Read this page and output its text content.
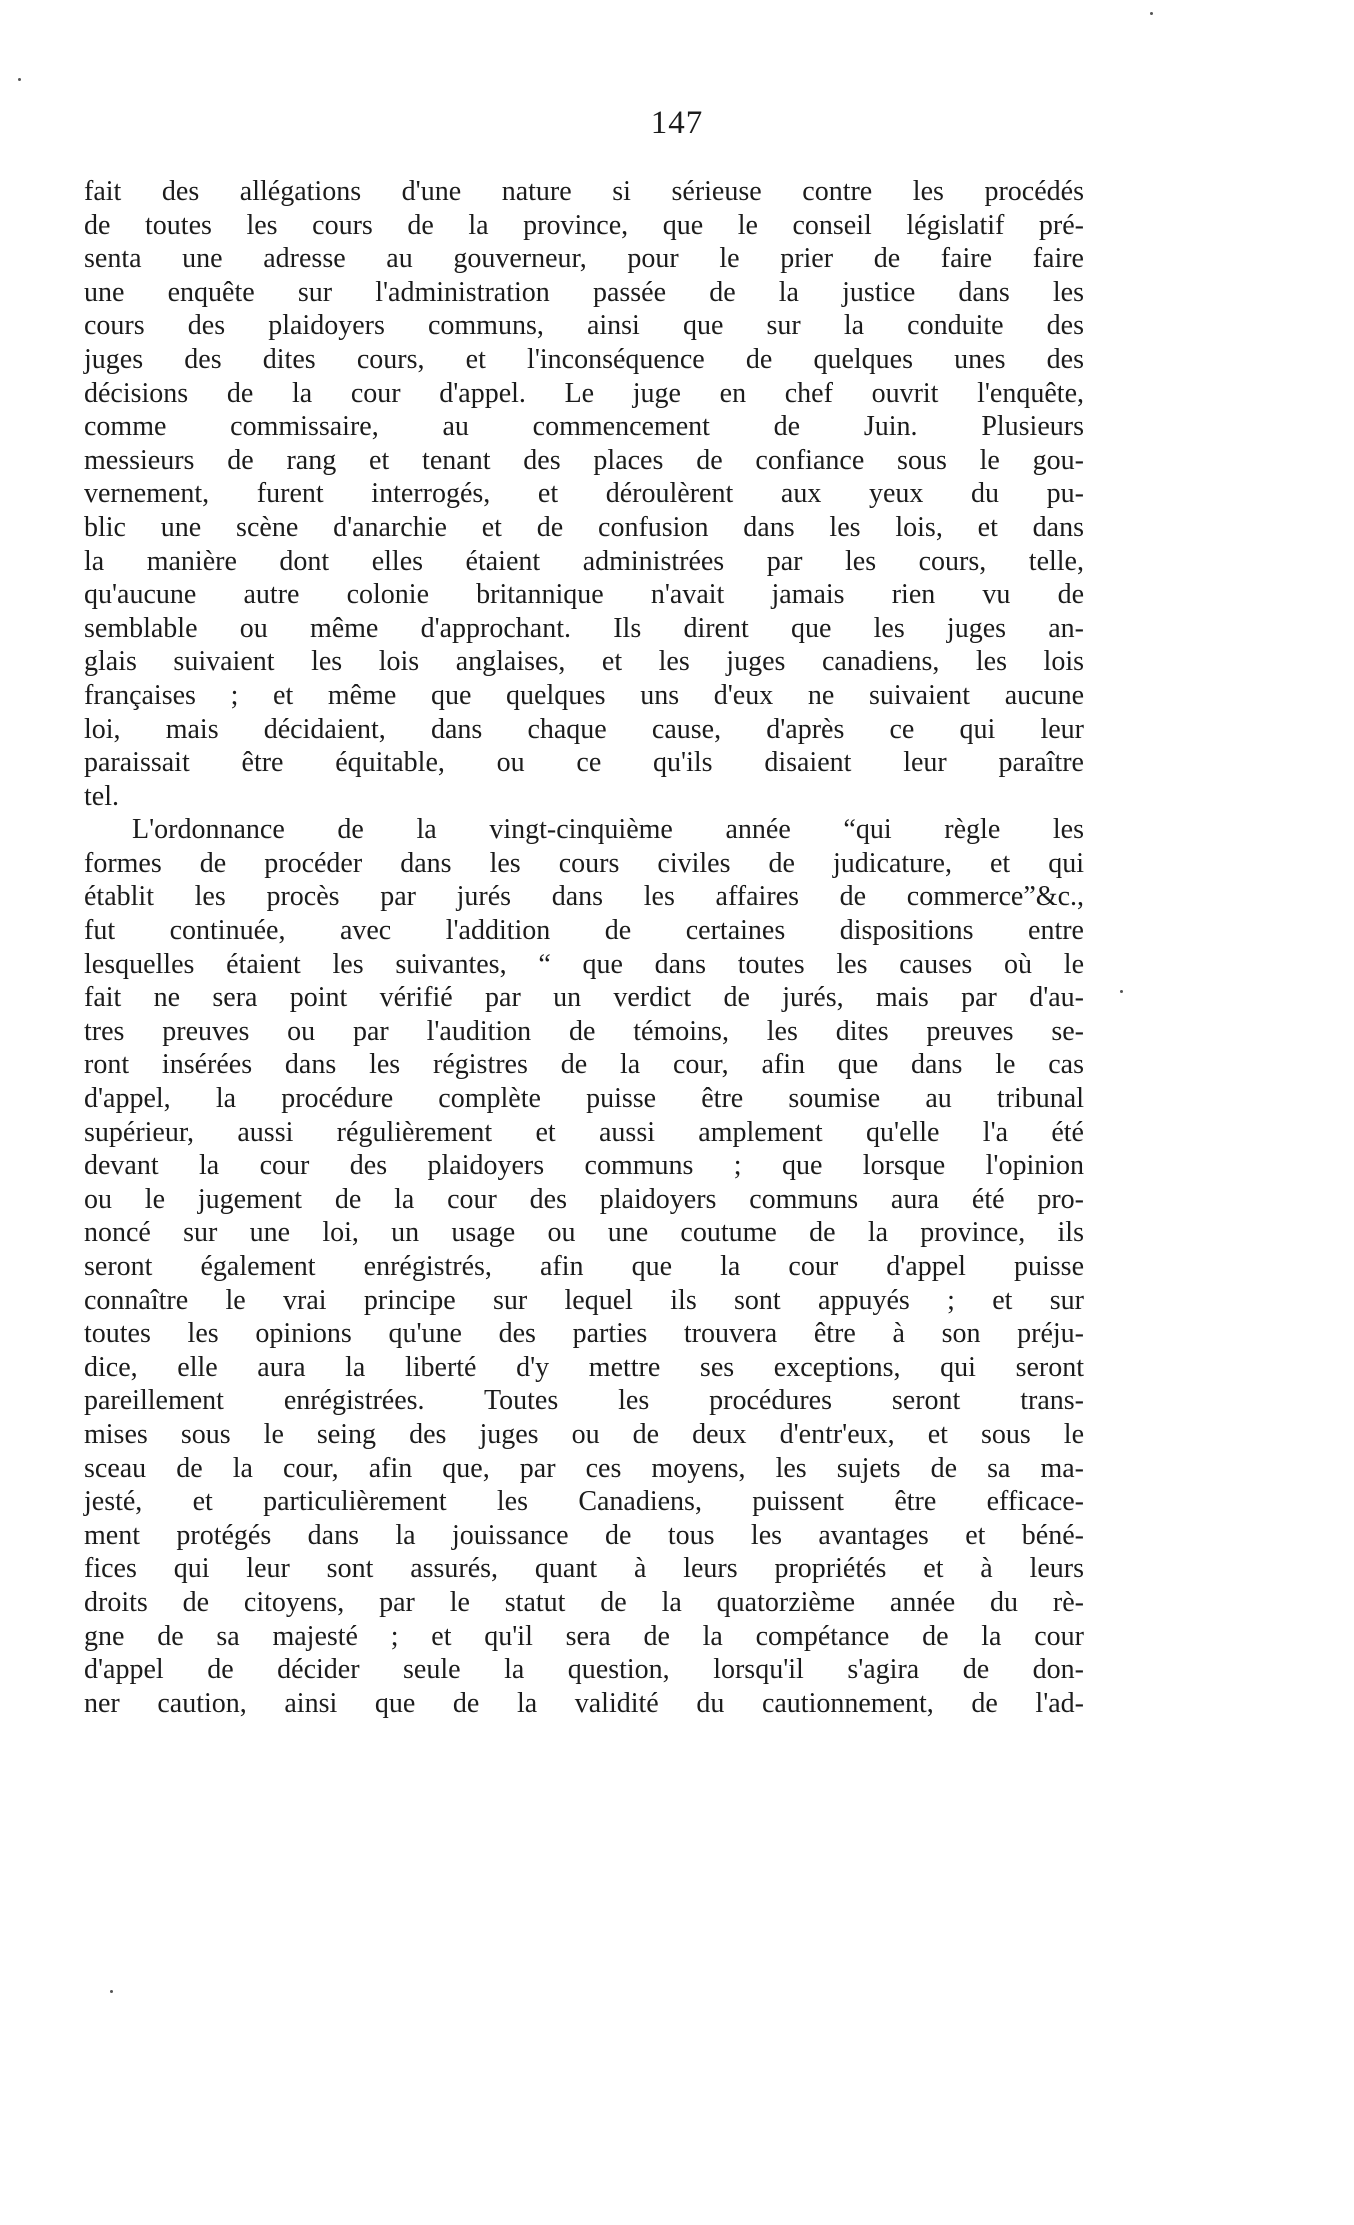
147
fait des allégations d'une nature si sérieuse contre les procédés
de toutes les cours de la province, que le conseil législatif pré-
senta une adresse au gouverneur, pour le prier de faire faire
une enquête sur l'administration passée de la justice dans les
cours des plaidoyers communs, ainsi que sur la conduite des
juges des dites cours, et l'inconséquence de quelques unes des
décisions de la cour d'appel. Le juge en chef ouvrit l'enquête,
comme commissaire, au commencement de Juin. Plusieurs
messieurs de rang et tenant des places de confiance sous le gou-
vernement, furent interrogés, et déroulèrent aux yeux du pu-
blic une scène d'anarchie et de confusion dans les lois, et dans
la manière dont elles étaient administrées par les cours, telle,
qu'aucune autre colonie britannique n'avait jamais rien vu de
semblable ou même d'approchant. Ils dirent que les juges an-
glais suivaient les lois anglaises, et les juges canadiens, les lois
françaises ; et même que quelques uns d'eux ne suivaient aucune
loi, mais décidaient, dans chaque cause, d'après ce qui leur
paraissait être équitable, ou ce qu'ils disaient leur paraître
tel.
L'ordonnance de la vingt-cinquième année “qui règle les
formes de procéder dans les cours civiles de judicature, et qui
établit les procès par jurés dans les affaires de commerce”&c.,
fut continuée, avec l'addition de certaines dispositions entre
lesquelles étaient les suivantes, “ que dans toutes les causes où le
fait ne sera point vérifié par un verdict de jurés, mais par d'au-
tres preuves ou par l'audition de témoins, les dites preuves se-
ront insérées dans les régistres de la cour, afin que dans le cas
d'appel, la procédure complète puisse être soumise au tribunal
supérieur, aussi régulièrement et aussi amplement qu'elle l'a été
devant la cour des plaidoyers communs ; que lorsque l'opinion
ou le jugement de la cour des plaidoyers communs aura été pro-
noncé sur une loi, un usage ou une coutume de la province, ils
seront également enrégistrés, afin que la cour d'appel puisse
connaître le vrai principe sur lequel ils sont appuyés ; et sur
toutes les opinions qu'une des parties trouvera être à son préju-
dice, elle aura la liberté d'y mettre ses exceptions, qui seront
pareillement enrégistrées. Toutes les procédures seront trans-
mises sous le seing des juges ou de deux d'entr'eux, et sous le
sceau de la cour, afin que, par ces moyens, les sujets de sa ma-
jesté, et particulièrement les Canadiens, puissent être efficace-
ment protégés dans la jouissance de tous les avantages et béné-
fices qui leur sont assurés, quant à leurs propriétés et à leurs
droits de citoyens, par le statut de la quatorzième année du rè-
gne de sa majesté ; et qu'il sera de la compétance de la cour
d'appel de décider seule la question, lorsqu'il s'agira de don-
ner caution, ainsi que de la validité du cautionnement, de l'ad-
